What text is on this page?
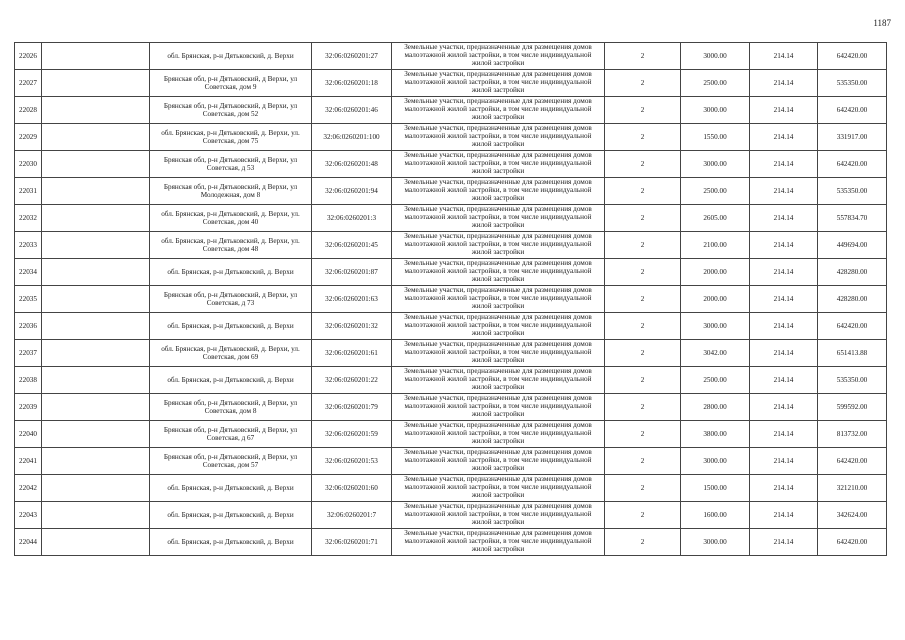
1187
22026		обл. Брянская, р-н Дятьковский, д. Верхи	32:06:0260201:27	Земельные участки, предназначенные для размещения домов малоэтажной жилой застройки, в том числе индивидуальной жилой застройки	2	3000.00	214.14	642420.00
22027		Брянская обл, р-н Дятьковский, д Верхи, ул Советская, дом 9	32:06:0260201:18	Земельные участки, предназначенные для размещения домов малоэтажной жилой застройки, в том числе индивидуальной жилой застройки	2	2500.00	214.14	535350.00
22028		Брянская обл, р-н Дятьковский, д Верхи, ул Советская, дом 52	32:06:0260201:46	Земельные участки, предназначенные для размещения домов малоэтажной жилой застройки, в том числе индивидуальной жилой застройки	2	3000.00	214.14	642420.00
22029		обл. Брянская, р-н Дятьковский, д. Верхи, ул. Советская, дом 75	32:06:0260201:100	Земельные участки, предназначенные для размещения домов малоэтажной жилой застройки, в том числе индивидуальной жилой застройки	2	1550.00	214.14	331917.00
22030		Брянская обл, р-н Дятьковский, д Верхи, ул Советская, д 53	32:06:0260201:48	Земельные участки, предназначенные для размещения домов малоэтажной жилой застройки, в том числе индивидуальной жилой застройки	2	3000.00	214.14	642420.00
22031		Брянская обл, р-н Дятьковский, д Верхи, ул Молодежная, дом 8	32:06:0260201:94	Земельные участки, предназначенные для размещения домов малоэтажной жилой застройки, в том числе индивидуальной жилой застройки	2	2500.00	214.14	535350.00
22032		обл. Брянская, р-н Дятьковский, д. Верхи, ул. Советская, дом 40	32:06:0260201:3	Земельные участки, предназначенные для размещения домов малоэтажной жилой застройки, в том числе индивидуальной жилой застройки	2	2605.00	214.14	557834.70
22033		обл. Брянская, р-н Дятьковский, д. Верхи, ул. Советская, дом 48	32:06:0260201:45	Земельные участки, предназначенные для размещения домов малоэтажной жилой застройки, в том числе индивидуальной жилой застройки	2	2100.00	214.14	449694.00
22034		обл. Брянская, р-н Дятьковский, д. Верхи	32:06:0260201:87	Земельные участки, предназначенные для размещения домов малоэтажной жилой застройки, в том числе индивидуальной жилой застройки	2	2000.00	214.14	428280.00
22035		Брянская обл, р-н Дятьковский, д Верхи, ул Советская, д 73	32:06:0260201:63	Земельные участки, предназначенные для размещения домов малоэтажной жилой застройки, в том числе индивидуальной жилой застройки	2	2000.00	214.14	428280.00
22036		обл. Брянская, р-н Дятьковский, д. Верхи	32:06:0260201:32	Земельные участки, предназначенные для размещения домов малоэтажной жилой застройки, в том числе индивидуальной жилой застройки	2	3000.00	214.14	642420.00
22037		обл. Брянская, р-н Дятьковский, д. Верхи, ул. Советская, дом 69	32:06:0260201:61	Земельные участки, предназначенные для размещения домов малоэтажной жилой застройки, в том числе индивидуальной жилой застройки	2	3042.00	214.14	651413.88
22038		обл. Брянская, р-н Дятьковский, д. Верхи	32:06:0260201:22	Земельные участки, предназначенные для размещения домов малоэтажной жилой застройки, в том числе индивидуальной жилой застройки	2	2500.00	214.14	535350.00
22039		Брянская обл, р-н Дятьковский, д Верхи, ул Советская, дом 8	32:06:0260201:79	Земельные участки, предназначенные для размещения домов малоэтажной жилой застройки, в том числе индивидуальной жилой застройки	2	2800.00	214.14	599592.00
22040		Брянская обл, р-н Дятьковский, д Верхи, ул Советская, д 67	32:06:0260201:59	Земельные участки, предназначенные для размещения домов малоэтажной жилой застройки, в том числе индивидуальной жилой застройки	2	3800.00	214.14	813732.00
22041		Брянская обл, р-н Дятьковский, д Верхи, ул Советская, дом 57	32:06:0260201:53	Земельные участки, предназначенные для размещения домов малоэтажной жилой застройки, в том числе индивидуальной жилой застройки	2	3000.00	214.14	642420.00
22042		обл. Брянская, р-н Дятьковский, д. Верхи	32:06:0260201:60	Земельные участки, предназначенные для размещения домов малоэтажной жилой застройки, в том числе индивидуальной жилой застройки	2	1500.00	214.14	321210.00
22043		обл. Брянская, р-н Дятьковский, д. Верхи	32:06:0260201:7	Земельные участки, предназначенные для размещения домов малоэтажной жилой застройки, в том числе индивидуальной жилой застройки	2	1600.00	214.14	342624.00
22044		обл. Брянская, р-н Дятьковский, д. Верхи	32:06:0260201:71	Земельные участки, предназначенные для размещения домов малоэтажной жилой застройки, в том числе индивидуальной жилой застройки	2	3000.00	214.14	642420.00
